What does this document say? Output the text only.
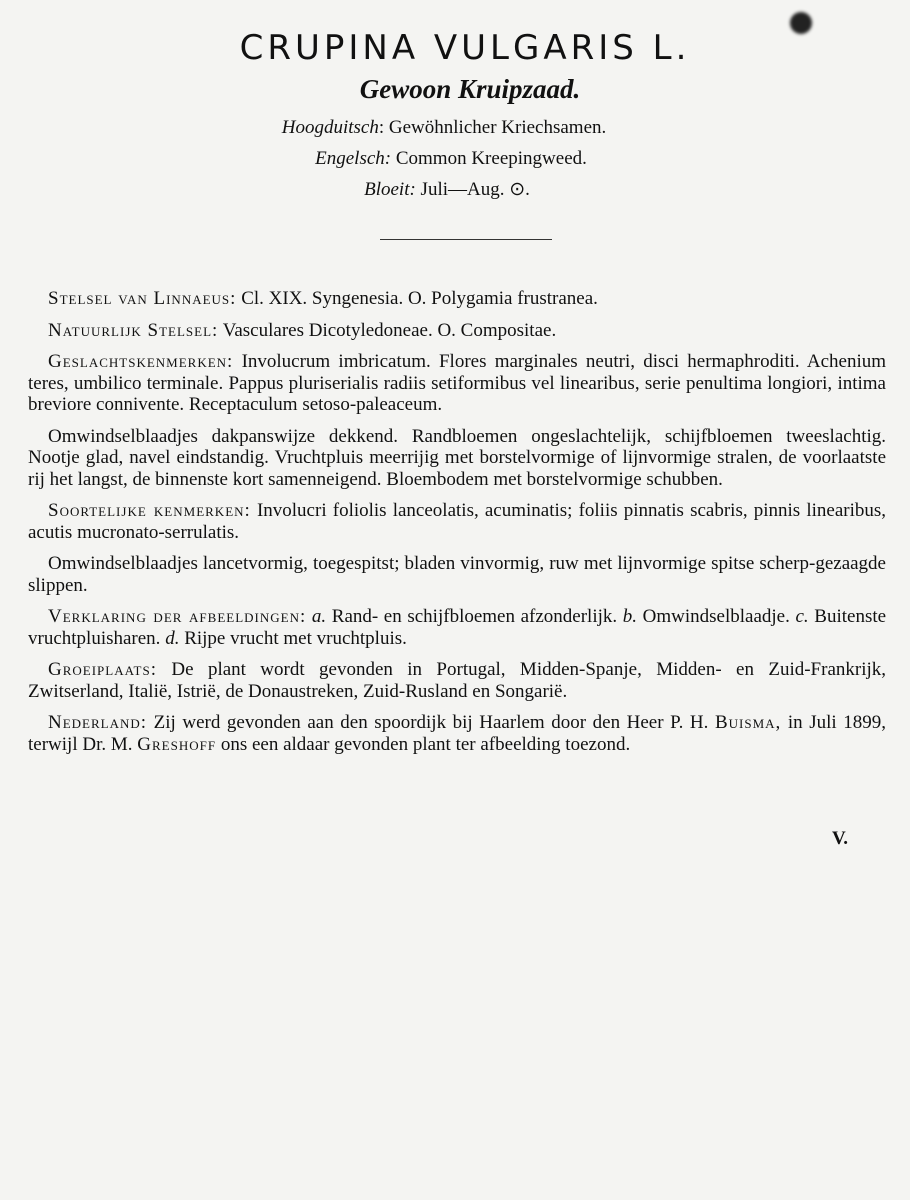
CRUPINA VULGARIS L.
Gewoon Kruipzaad.
Hoogduitsch: Gewöhnlicher Kriechsamen.
Engelsch: Common Kreepingweed.
Bloeit: Juli—Aug. ⊙.

Stelsel van Linnaeus: Cl. XIX. Syngenesia. O. Polygamia frustranea.

Natuurlijk Stelsel: Vasculares Dicotyledoneae. O. Compositae.

Geslachtskenmerken: Involucrum imbricatum. Flores marginales neutri, disci hermaphroditi. Achenium teres, umbilico terminale. Pappus pluriserialis radiis setiformibus vel linearibus, serie penultima longiori, intima breviore connivente. Receptaculum setoso-paleaceum.

Omwindselblaadjes dakpanswijze dekkend. Randbloemen ongeslachtelijk, schijfbloemen tweeslachtig. Nootje glad, navel eindstandig. Vruchtpluis meerrijig met borstelvormige of lijnvormige stralen, de voorlaatste rij het langst, de binnenste kort samenneigend. Bloembodem met borstelvormige schubben.

Soortelijke kenmerken: Involucri foliolis lanceolatis, acuminatis; foliis pinnatis scabris, pinnis linearibus, acutis mucronato-serrulatis.

Omwindselblaadjes lancetvormig, toegespitst; bladen vinvormig, ruw met lijnvormige spitse scherp-gezaagde slippen.

Verklaring der afbeeldingen: a. Rand- en schijfbloemen afzonderlijk. b. Omwindselblaadje. c. Buitenste vruchtpluisharen. d. Rijpe vrucht met vruchtpluis.

Groeiplaats: De plant wordt gevonden in Portugal, Midden-Spanje, Midden- en Zuid-Frankrijk, Zwitserland, Italië, Istrië, de Donaustreken, Zuid-Rusland en Songarië.

Nederland: Zij werd gevonden aan den spoordijk bij Haarlem door den Heer P. H. Buisma, in Juli 1899, terwijl Dr. M. Greshoff ons een aldaar gevonden plant ter afbeelding toezond.

V.
